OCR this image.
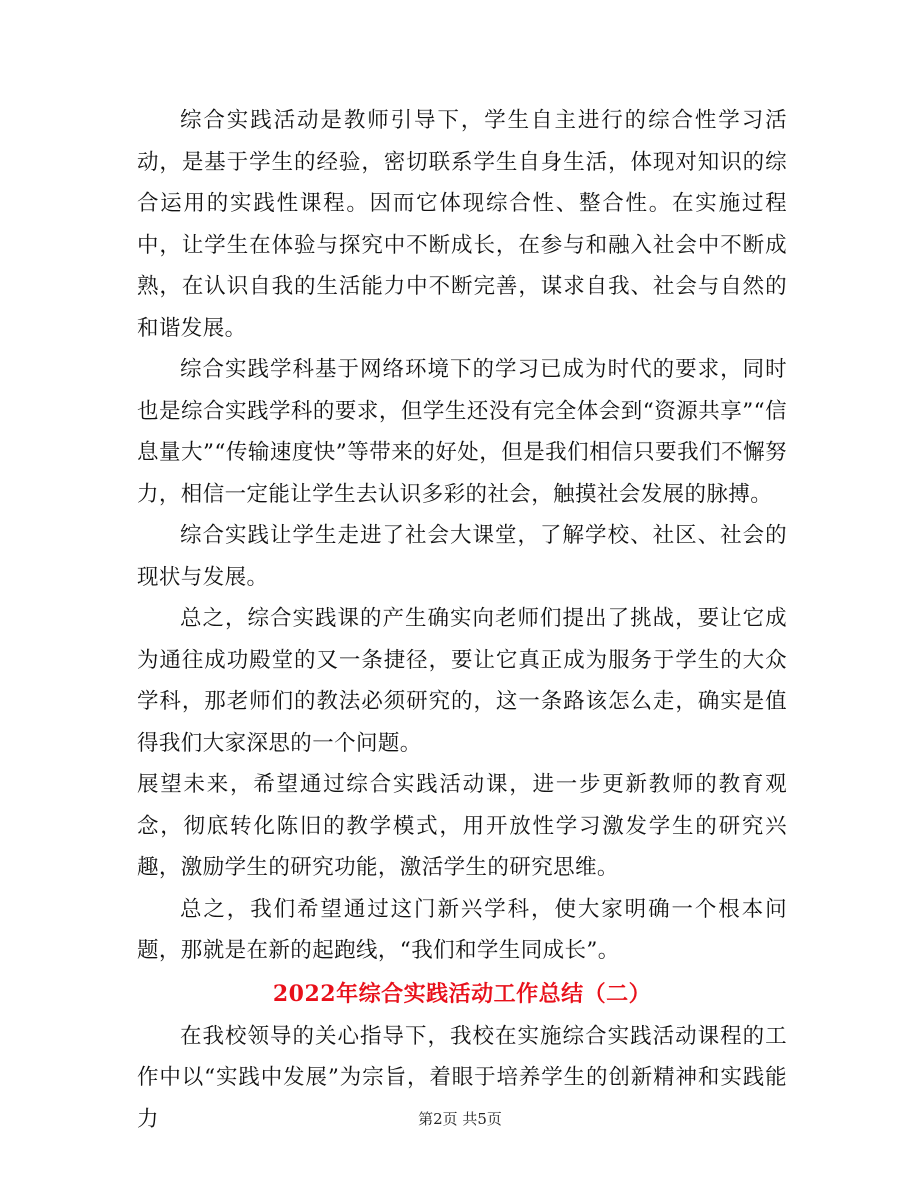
综合实践活动是教师引导下，学生自主进行的综合性学习活动，是基于学生的经验，密切联系学生自身生活，体现对知识的综合运用的实践性课程。因而它体现综合性、整合性。在实施过程中，让学生在体验与探究中不断成长，在参与和融入社会中不断成熟，在认识自我的生活能力中不断完善，谋求自我、社会与自然的和谐发展。

综合实践学科基于网络环境下的学习已成为时代的要求，同时也是综合实践学科的要求，但学生还没有完全体会到“资源共享”“信息量大”“传输速度快”等带来的好处，但是我们相信只要我们不懈努力，相信一定能让学生去认识多彩的社会，触摸社会发展的脉搏。

综合实践让学生走进了社会大课堂，了解学校、社区、社会的现状与发展。

总之，综合实践课的产生确实向老师们提出了挑战，要让它成为通往成功殿堂的又一条捷径，要让它真正成为服务于学生的大众学科，那老师们的教法必须研究的，这一条路该怎么走，确实是值得我们大家深思的一个问题。

展望未来，希望通过综合实践活动课，进一步更新教师的教育观念，彻底转化陈旧的教学模式，用开放性学习激发学生的研究兴趣，激励学生的研究功能，激活学生的研究思维。

总之，我们希望通过这门新兴学科，使大家明确一个根本问题，那就是在新的起跑线，“我们和学生同成长”。

2022年综合实践活动工作总结（二）

在我校领导的关心指导下，我校在实施综合实践活动课程的工作中以“实践中发展”为宗旨，着眼于培养学生的创新精神和实践能力	第2页 共5页
